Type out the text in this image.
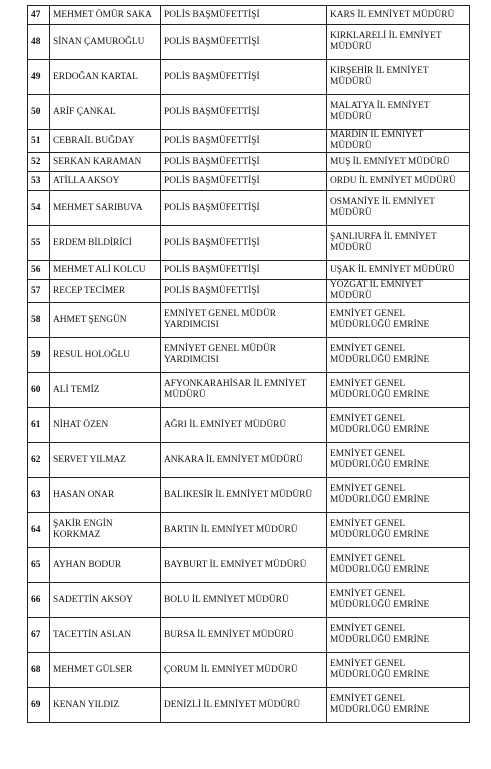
47	MEHMET ÖMÜR SAKA	POLİS BAŞMÜFETTİŞİ	KARS İL EMNİYET MÜDÜRÜ
48	SİNAN ÇAMUROĞLU	POLİS BAŞMÜFETTİŞİ	KIRKLARELİ İL EMNİYET MÜDÜRÜ
49	ERDOĞAN KARTAL	POLİS BAŞMÜFETTİŞİ	KIRŞEHİR İL EMNİYET MÜDÜRÜ
50	ARİF ÇANKAL	POLİS BAŞMÜFETTİŞİ	MALATYA İL EMNİYET MÜDÜRÜ
51	CEBRAİL BUĞDAY	POLİS BAŞMÜFETTİŞİ	MARDİN İL EMNİYET MÜDÜRÜ
52	SERKAN KARAMAN	POLİS BAŞMÜFETTİŞİ	MUŞ İL EMNİYET MÜDÜRÜ
53	ATİLLA AKSOY	POLİS BAŞMÜFETTİŞİ	ORDU İL EMNİYET MÜDÜRÜ
54	MEHMET SARIBUVA	POLİS BAŞMÜFETTİŞİ	OSMANİYE İL EMNİYET MÜDÜRÜ
55	ERDEM BİLDİRİCİ	POLİS BAŞMÜFETTİŞİ	ŞANLIURFA İL EMNİYET MÜDÜRÜ
56	MEHMET ALİ KOLCU	POLİS BAŞMÜFETTİŞİ	UŞAK İL EMNİYET MÜDÜRÜ
57	RECEP TECİMER	POLİS BAŞMÜFETTİŞİ	YOZGAT İL EMNİYET MÜDÜRÜ
58	AHMET ŞENGÜN	EMNİYET GENEL MÜDÜR YARDIMCISI	EMNİYET GENEL MÜDÜRLÜĞÜ EMRİNE
59	RESUL HOLOĞLU	EMNİYET GENEL MÜDÜR YARDIMCISI	EMNİYET GENEL MÜDÜRLÜĞÜ EMRİNE
60	ALİ TEMİZ	AFYONKARAHİSAR İL EMNİYET MÜDÜRÜ	EMNİYET GENEL MÜDÜRLÜĞÜ EMRİNE
61	NİHAT ÖZEN	AĞRI İL EMNİYET MÜDÜRÜ	EMNİYET GENEL MÜDÜRLÜĞÜ EMRİNE
62	SERVET YILMAZ	ANKARA İL EMNİYET MÜDÜRÜ	EMNİYET GENEL MÜDÜRLÜĞÜ EMRİNE
63	HASAN ONAR	BALIKESİR İL EMNİYET MÜDÜRÜ	EMNİYET GENEL MÜDÜRLÜĞÜ EMRİNE
64	ŞAKİR ENGİN KORKMAZ	BARTIN İL EMNİYET MÜDÜRÜ	EMNİYET GENEL MÜDÜRLÜĞÜ EMRİNE
65	AYHAN BODUR	BAYBURT İL EMNİYET MÜDÜRÜ	EMNİYET GENEL MÜDÜRLÜĞÜ EMRİNE
66	SADETTİN AKSOY	BOLU İL EMNİYET MÜDÜRÜ	EMNİYET GENEL MÜDÜRLÜĞÜ EMRİNE
67	TACETTİN ASLAN	BURSA İL EMNİYET MÜDÜRÜ	EMNİYET GENEL MÜDÜRLÜĞÜ EMRİNE
68	MEHMET GÜLSER	ÇORUM İL EMNİYET MÜDÜRÜ	EMNİYET GENEL MÜDÜRLÜĞÜ EMRİNE
69	KENAN YILDIZ	DENİZLİ İL EMNİYET MÜDÜRÜ	EMNİYET GENEL MÜDÜRLÜĞÜ EMRİNE
